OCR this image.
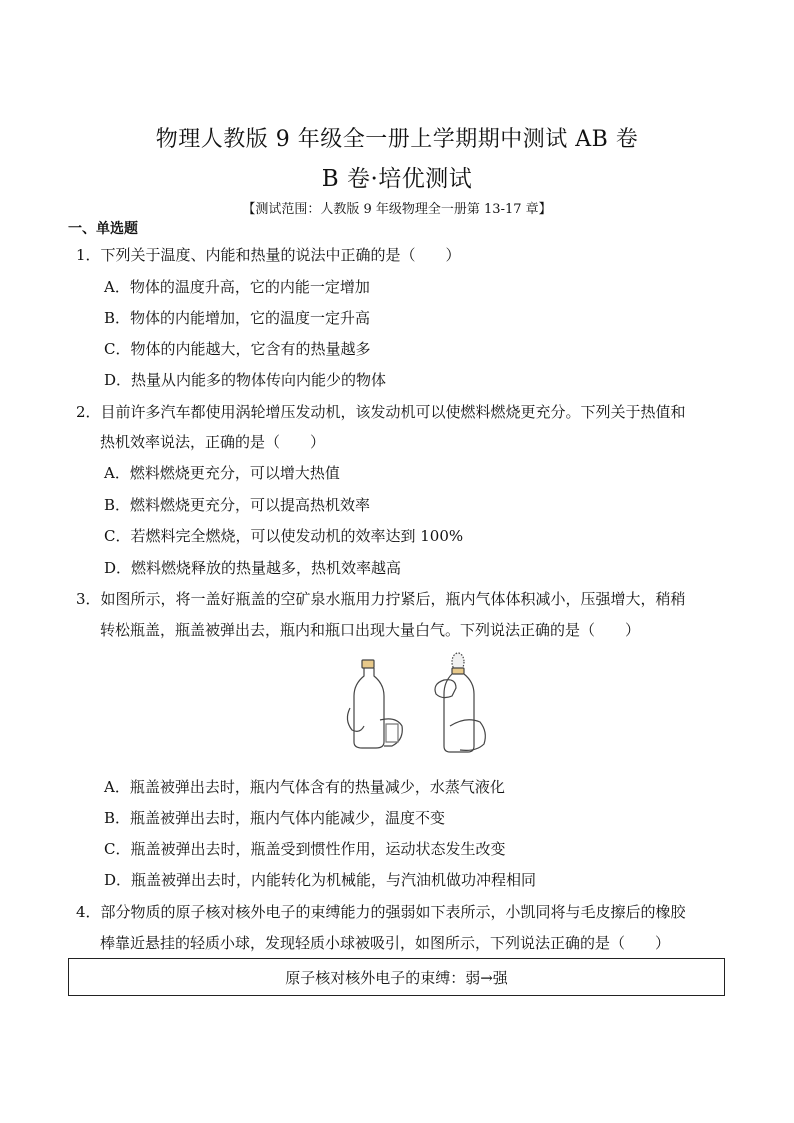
物理人教版 9 年级全一册上学期期中测试 AB 卷
B 卷·培优测试
【测试范围：人教版 9 年级物理全一册第 13-17 章】
一、单选题
1．下列关于温度、内能和热量的说法中正确的是（　　）
A．物体的温度升高，它的内能一定增加
B．物体的内能增加，它的温度一定升高
C．物体的内能越大，它含有的热量越多
D．热量从内能多的物体传向内能少的物体
2．目前许多汽车都使用涡轮增压发动机，该发动机可以使燃料燃烧更充分。下列关于热值和
热机效率说法，正确的是（　　）
A．燃料燃烧更充分，可以增大热值
B．燃料燃烧更充分，可以提高热机效率
C．若燃料完全燃烧，可以使发动机的效率达到 100%
D．燃料燃烧释放的热量越多，热机效率越高
3．如图所示，将一盖好瓶盖的空矿泉水瓶用力拧紧后，瓶内气体体积减小，压强增大，稍稍
转松瓶盖，瓶盖被弹出去，瓶内和瓶口出现大量白气。下列说法正确的是（　　）
A．瓶盖被弹出去时，瓶内气体含有的热量减少，水蒸气液化
B．瓶盖被弹出去时，瓶内气体内能减少，温度不变
C．瓶盖被弹出去时，瓶盖受到惯性作用，运动状态发生改变
D．瓶盖被弹出去时，内能转化为机械能，与汽油机做功冲程相同
4．部分物质的原子核对核外电子的束缚能力的强弱如下表所示，小凯同将与毛皮擦后的橡胶
棒靠近悬挂的轻质小球，发现轻质小球被吸引，如图所示，下列说法正确的是（　　）
原子核对核外电子的束缚：弱→强
